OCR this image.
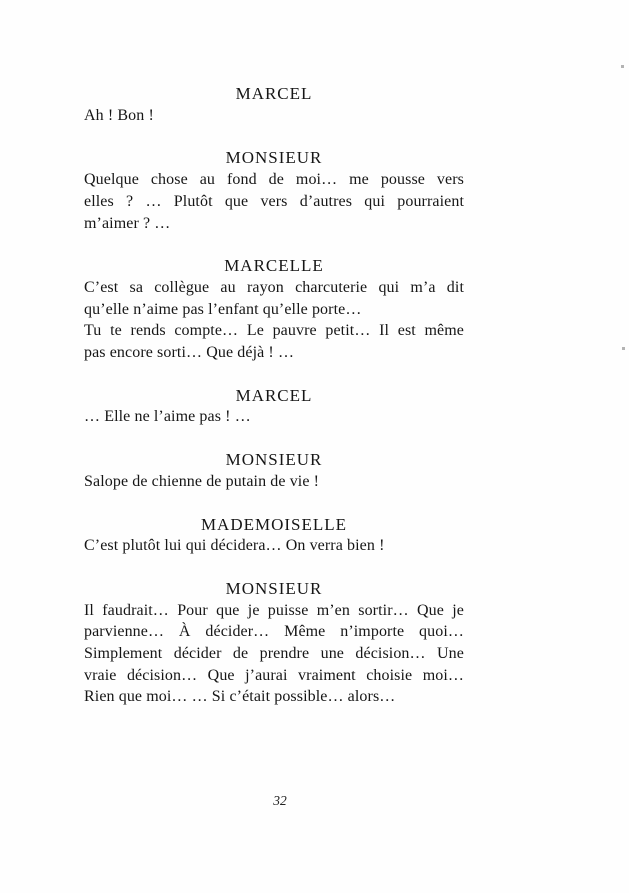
MARCEL
Ah ! Bon !
MONSIEUR
Quelque chose au fond de moi… me pousse vers
elles ? … Plutôt que vers d’autres qui pourraient
m’aimer ? …
MARCELLE
C’est sa collègue au rayon charcuterie qui m’a dit
qu’elle n’aime pas l’enfant qu’elle porte…
Tu te rends compte… Le pauvre petit… Il est même
pas encore sorti… Que déjà ! …
MARCEL
… Elle ne l’aime pas ! …
MONSIEUR
Salope de chienne de putain de vie !
MADEMOISELLE
C’est plutôt lui qui décidera… On verra bien !
MONSIEUR
Il faudrait… Pour que je puisse m’en sortir… Que je
parvienne… À décider… Même n’importe quoi…
Simplement décider de prendre une décision… Une
vraie décision… Que j’aurai vraiment choisie moi…
Rien que moi… … Si c’était possible… alors…
32
